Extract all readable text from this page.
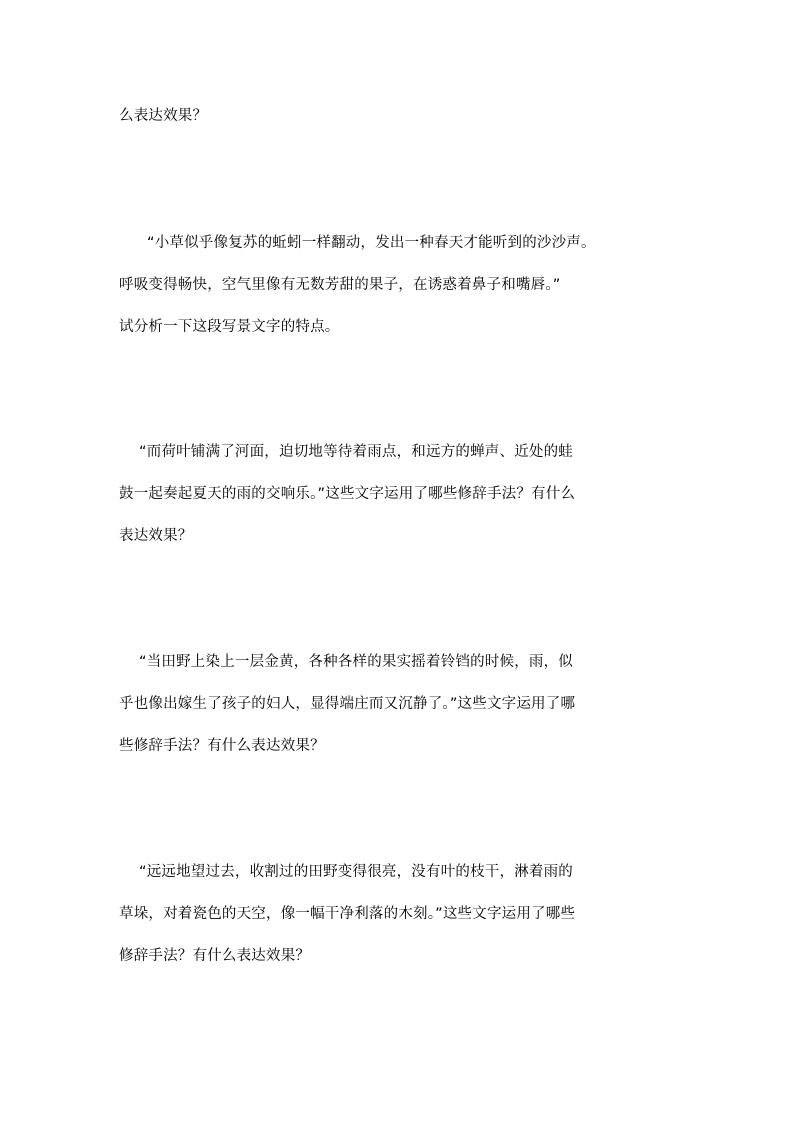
么表达效果？
“小草似乎像复苏的蚯蚓一样翻动，发出一种春天才能听到的沙沙声。
呼吸变得畅快，空气里像有无数芳甜的果子，在诱惑着鼻子和嘴唇。”
试分析一下这段写景文字的特点。
“而荷叶铺满了河面，迫切地等待着雨点，和远方的蝉声、近处的蛙
鼓一起奏起夏天的雨的交响乐。”这些文字运用了哪些修辞手法？有什么
表达效果？
“当田野上染上一层金黄，各种各样的果实摇着铃铛的时候，雨，似
乎也像出嫁生了孩子的妇人，显得端庄而又沉静了。”这些文字运用了哪
些修辞手法？有什么表达效果？
“远远地望过去，收割过的田野变得很亮，没有叶的枝干，淋着雨的
草垛，对着瓷色的天空，像一幅干净利落的木刻。”这些文字运用了哪些
修辞手法？有什么表达效果？
